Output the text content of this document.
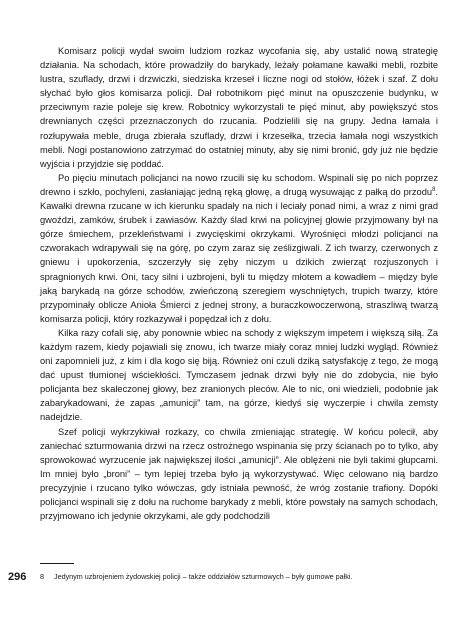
Komisarz policji wydał swoim ludziom rozkaz wycofania się, aby ustalić nową strategię działania. Na schodach, które prowadziły do barykady, leżały połamane kawałki mebli, rozbite lustra, szuflady, drzwi i drzwiczki, siedziska krzeseł i liczne nogi od stołów, łóżek i szaf. Z dołu słychać było głos komisarza policji. Dał robotnikom pięć minut na opuszczenie budynku, w przeciwnym razie poleje się krew. Robotnicy wykorzystali te pięć minut, aby powiększyć stos drewnianych części przeznaczonych do rzucania. Podzielili się na grupy. Jedna łamała i rozłupywała meble, druga zbierała szuflady, drzwi i krzesełka, trzecia łamała nogi wszystkich mebli. Nogi postanowiono zatrzymać do ostatniej minuty, aby się nimi bronić, gdy już nie będzie wyjścia i przyjdzie się poddać.

Po pięciu minutach policjanci na nowo rzucili się ku schodom. Wspinali się po nich poprzez drewno i szkło, pochyleni, zasłaniając jedną ręką głowę, a drugą wysuwając z pałką do przodu$^8$. Kawałki drewna rzucane w ich kierunku spadały na nich i leciały ponad nimi, a wraz z nimi grad gwoździ, zamków, śrubek i zawiasów. Każdy ślad krwi na policyjnej głowie przyjmowany był na górze śmiechem, przekleństwami i zwycięskimi okrzykami. Wyrośnięci młodzi policjanci na czworakach wdrapywali się na górę, po czym zaraz się ześlizgiwali. Z ich twarzy, czerwonych z gniewu i upokorzenia, szczerzyły się zęby niczym u dzikich zwierząt rozjuszonych i spragnionych krwi. Oni, tacy silni i uzbrojeni, byli tu między młotem a kowadłem – między byle jaką barykadą na górze schodów, zwieńczoną szeregiem wyschniętych, trupich twarzy, które przypominały oblicze Anioła Śmierci z jednej strony, a buraczkowoczerwoną, straszliwą twarzą komisarza policji, który rozkazywał i popędzał ich z dołu.

Kilka razy cofali się, aby ponownie wbiec na schody z większym impetem i większą siłą. Za każdym razem, kiedy pojawiali się znowu, ich twarze miały coraz mniej ludzki wygląd. Również oni zapomnieli już, z kim i dla kogo się biją. Również oni czuli dziką satysfakcję z tego, że mogą dać upust tłumionej wściekłości. Tymczasem jednak drzwi były nie do zdobycia, nie było policjanta bez skaleczonej głowy, bez zranionych pleców. Ale to nic, oni wiedzieli, podobnie jak zabarykadowani, że zapas „amunicji” tam, na górze, kiedyś się wyczerpie i chwila zemsty nadejdzie.

Szef policji wykrzykiwał rozkazy, co chwila zmieniając strategię. W końcu polecił, aby zaniechać szturmowania drzwi na rzecz ostrożnego wspinania się przy ścianach po to tylko, aby sprowokować wyrzucenie jak największej ilości „amunicji”. Ale oblężeni nie byli takimi głupcami. Im mniej było „broni” – tym lepiej trzeba było ją wykorzystywać. Więc celowano nią bardzo precyzyjnie i rzucano tylko wówczas, gdy istniała pewność, że wróg zostanie trafiony. Dopóki policjanci wspinali się z dołu na ruchome barykady z mebli, które powstały na samych schodach, przyjmowano ich jedynie okrzykami, ale gdy podchodzili

296 8 Jedynym uzbrojeniem żydowskiej policji – także oddziałów szturmowych – były gumowe pałki.
